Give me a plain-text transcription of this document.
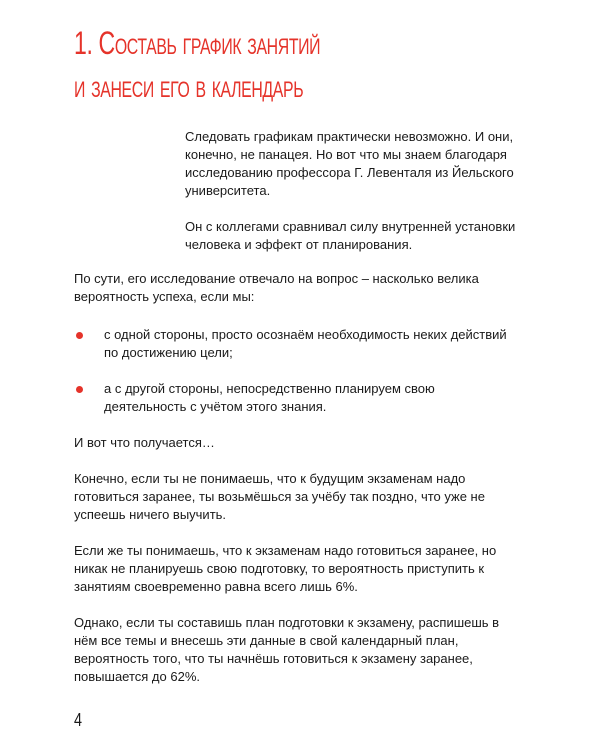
1. Составь график занятий
и занеси его в календарь

Следовать графикам практически невозможно. И они, конечно, не панацея. Но вот что мы знаем благодаря исследованию профессора Г. Левенталя из Йельского университета.

Он с коллегами сравнивал силу внутренней установки человека и эффект от планирования.

По сути, его исследование отвечало на вопрос – насколько велика вероятность успеха, если мы:

с одной стороны, просто осознаём необходимость неких действий по достижению цели;
а с другой стороны, непосредственно планируем свою деятельность с учётом этого знания.

И вот что получается…

Конечно, если ты не понимаешь, что к будущим экзаменам надо готовиться заранее, ты возьмёшься за учёбу так поздно, что уже не успеешь ничего выучить.

Если же ты понимаешь, что к экзаменам надо готовиться заранее, но никак не планируешь свою подготовку, то вероятность приступить к занятиям своевременно равна всего лишь 6%.

Однако, если ты составишь план подготовки к экзамену, распишешь в нём все темы и внесешь эти данные в свой календарный план, вероятность того, что ты начнёшь готовиться к экзамену заранее, повышается до 62%.

4
